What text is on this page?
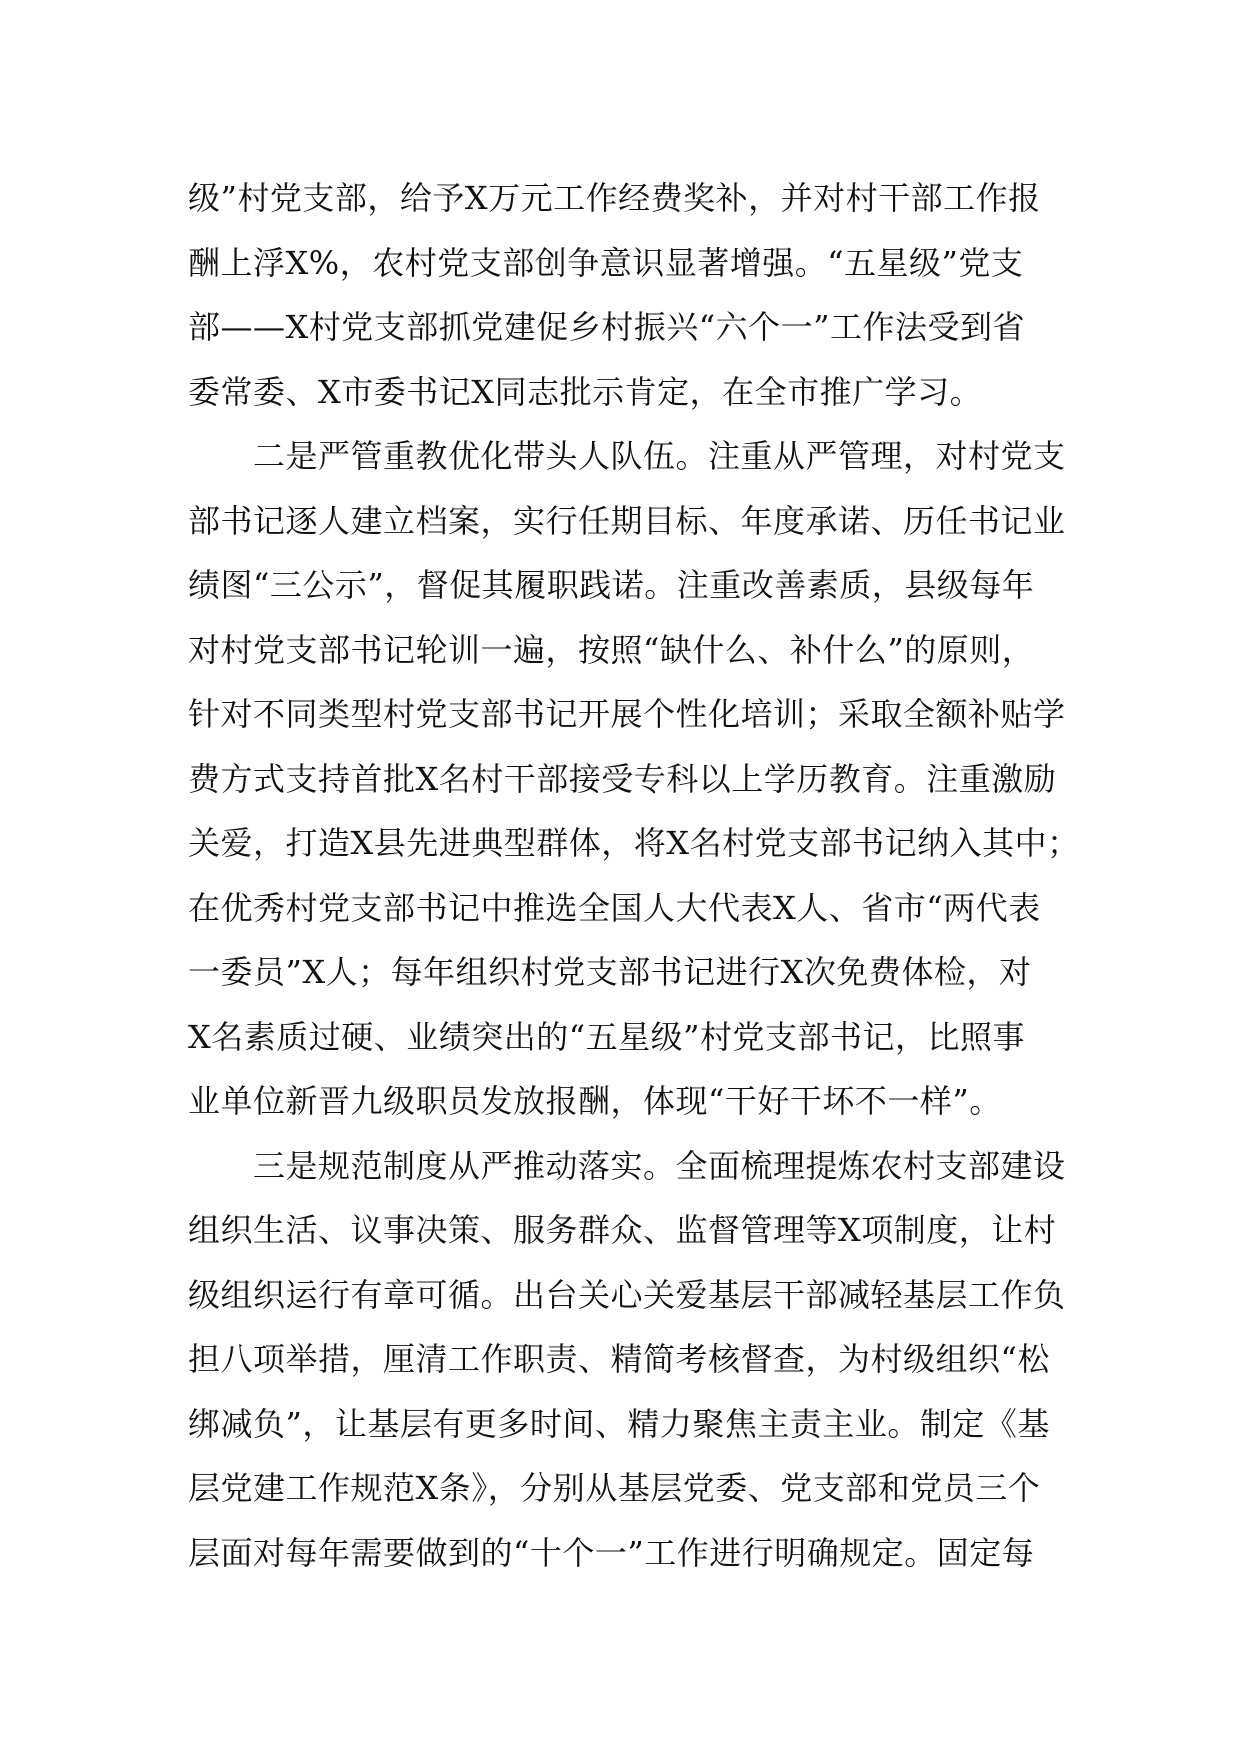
级”村党支部，给予X万元工作经费奖补，并对村干部工作报
酬上浮X%，农村党支部创争意识显著增强。“五星级”党支
部——X村党支部抓党建促乡村振兴“六个一”工作法受到省
委常委、X市委书记X同志批示肯定，在全市推广学习。
　　二是严管重教优化带头人队伍。注重从严管理，对村党支
部书记逐人建立档案，实行任期目标、年度承诺、历任书记业
绩图“三公示”，督促其履职践诺。注重改善素质，县级每年
对村党支部书记轮训一遍，按照“缺什么、补什么”的原则，
针对不同类型村党支部书记开展个性化培训；采取全额补贴学
费方式支持首批X名村干部接受专科以上学历教育。注重激励
关爱，打造X县先进典型群体，将X名村党支部书记纳入其中；
在优秀村党支部书记中推选全国人大代表X人、省市“两代表
一委员”X人；每年组织村党支部书记进行X次免费体检，对
X名素质过硬、业绩突出的“五星级”村党支部书记，比照事
业单位新晋九级职员发放报酬，体现“干好干坏不一样”。
　　三是规范制度从严推动落实。全面梳理提炼农村支部建设
组织生活、议事决策、服务群众、监督管理等X项制度，让村
级组织运行有章可循。出台关心关爱基层干部减轻基层工作负
担八项举措，厘清工作职责、精简考核督查，为村级组织“松
绑减负”，让基层有更多时间、精力聚焦主责主业。制定《基
层党建工作规范X条》，分别从基层党委、党支部和党员三个
层面对每年需要做到的“十个一”工作进行明确规定。固定每
